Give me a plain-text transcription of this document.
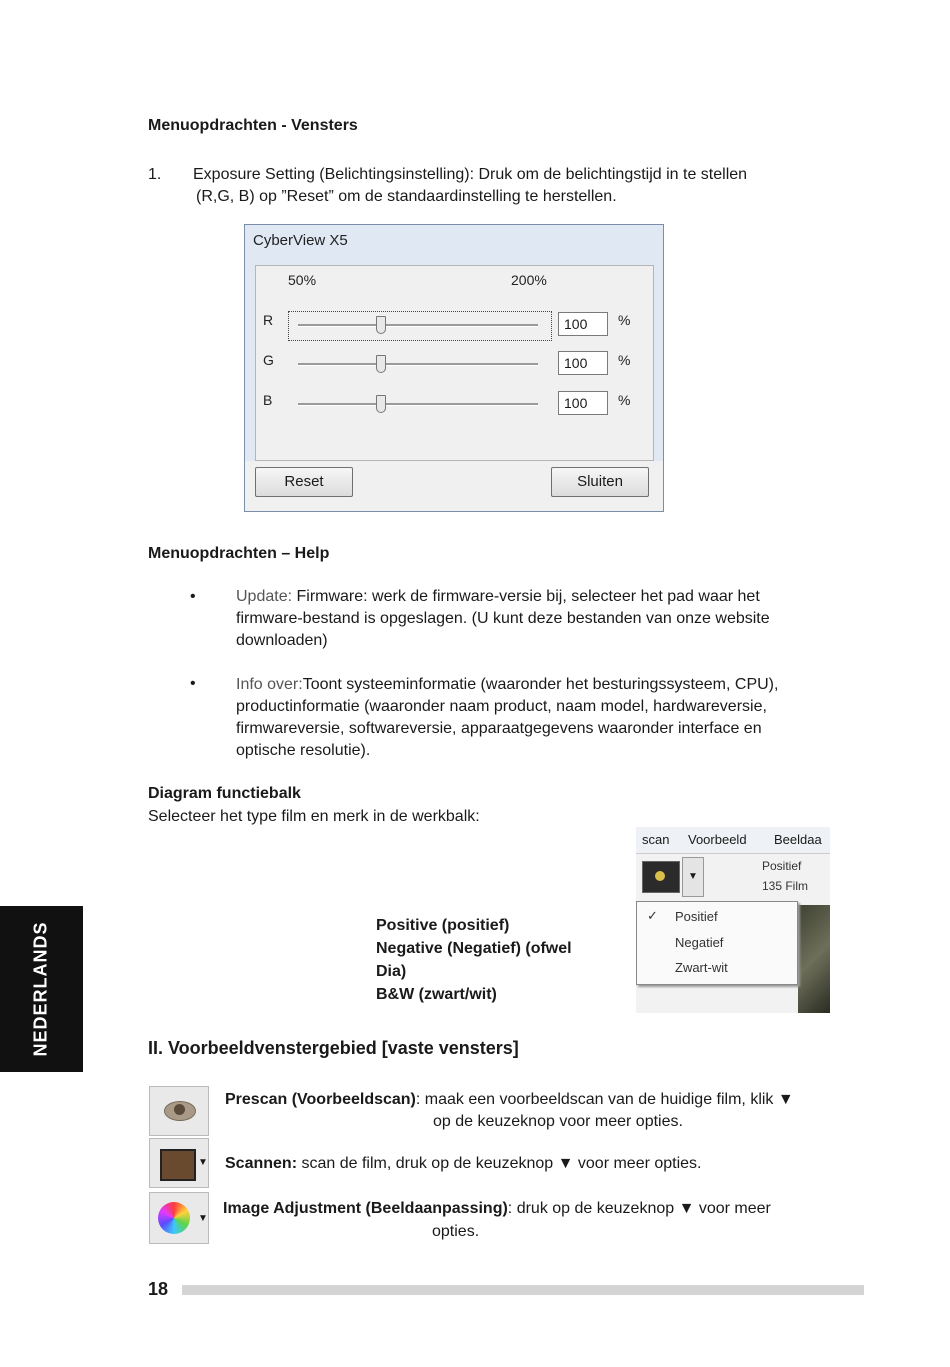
Menuopdrachten - Vensters
1. Exposure Setting (Belichtingsinstelling): Druk om de belichtingstijd in te stellen
(R,G, B) op ”Reset” om de standaardinstelling te herstellen.
CyberView X5
50%	200%
R	100	%
G	100	%
B	100	%
Reset	Sluiten
Menuopdrachten – Help
•	Update: Firmware: werk de firmware-versie bij, selecteer het pad waar het
firmware-bestand is opgeslagen. (U kunt deze bestanden van onze website
downloaden)
•	Info over:Toont systeeminformatie (waaronder het besturingssysteem, CPU),
productinformatie (waaronder naam product, naam model, hardwareversie,
firmwareversie, softwareversie, apparaatgegevens waaronder interface en
optische resolutie).
Diagram functiebalk
Selecteer het type film en merk in de werkbalk:
Positive (positief)
Negative (Negatief) (ofwel
Dia)
B&W (zwart/wit)
scan Voorbeeld Beeldaa
▼
Positief
135 Film
✓ Positief
Negatief
Zwart-wit
NEDERLANDS	II. Voorbeeldvenstergebied [vaste vensters]
Prescan (Voorbeeldscan): maak een voorbeeldscan van de huidige film, klik ▼
op de keuzeknop voor meer opties.
▼ Scannen: scan de film, druk op de keuzeknop ▼ voor meer opties.
▼
Image Adjustment (Beeldaanpassing): druk op de keuzeknop ▼ voor meer
opties.
18
